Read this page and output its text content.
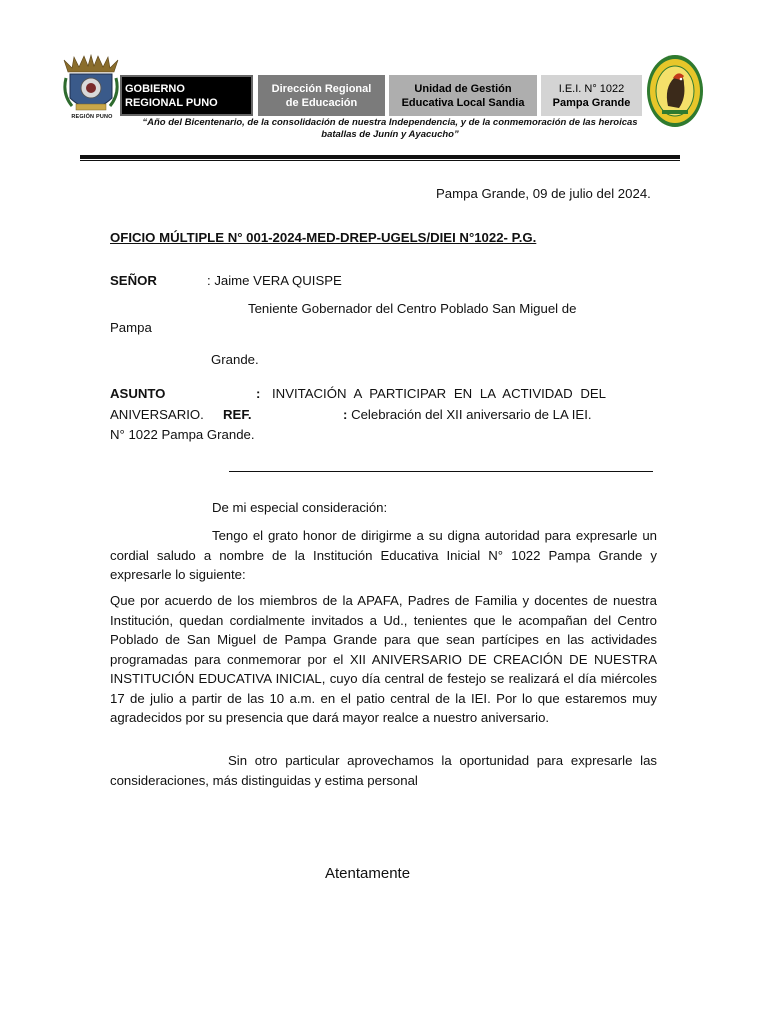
REGIÓN PUNO
GOBIERNO
REGIONAL PUNO
Dirección Regional
de Educación
Unidad de Gestión
Educativa Local Sandia
I.E.I. N° 1022
Pampa Grande
“Año del Bicentenario, de la consolidación de nuestra Independencia, y de la conmemoración de las heroicas
batallas de Junín y Ayacucho”
Pampa Grande, 09 de julio del 2024.
OFICIO MÚLTIPLE N° 001-2024-MED-DREP-UGELS/DIEI N°1022- P.G.
SEÑOR	: Jaime VERA QUISPE
Teniente Gobernador del Centro Poblado San Miguel de
Pampa
Grande.
ASUNTO	: INVITACIÓN A PARTICIPAR EN LA ACTIVIDAD DEL
ANIVERSARIO. REF.	: Celebración del XII aniversario de LA IEI.
N° 1022 Pampa Grande.
De mi especial consideración:
Tengo el grato honor de dirigirme a su digna autoridad para expresarle un cordial saludo a nombre de la Institución Educativa Inicial N° 1022 Pampa Grande y expresarle lo siguiente:
Que por acuerdo de los miembros de la APAFA, Padres de Familia y docentes de nuestra Institución, quedan cordialmente invitados a Ud., tenientes que le acompañan del Centro Poblado de San Miguel de Pampa Grande para que sean partícipes en las actividades programadas para conmemorar por el XII ANIVERSARIO DE CREACIÓN DE NUESTRA INSTITUCIÓN EDUCATIVA INICIAL, cuyo día central de festejo se realizará el día miércoles 17 de julio a partir de las 10 a.m. en el patio central de la IEI. Por lo que estaremos muy agradecidos por su presencia que dará mayor realce a nuestro aniversario.
Sin otro particular aprovechamos la oportunidad para expresarle las consideraciones, más distinguidas y estima personal
Atentamente
